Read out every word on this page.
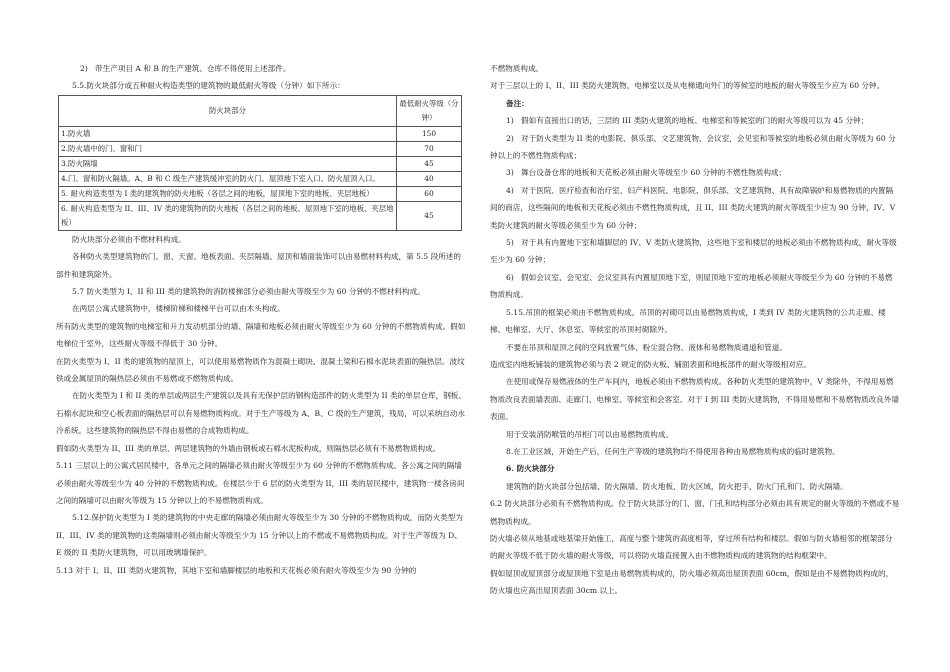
2)   带生产项目 A 和 B 的生产建筑、仓库不得使用上述部件。

5.5.防火块部分或五种耐火构造类型的建筑物的最低耐火等级（分钟）如下所示：

防火块部分	最低耐火等级（分钟）
1.防火墙	150
2.防火墙中的门、窗和门	70
3.防火隔墙	45
4.门、窗和防火隔墙。A、B 和 C 级生产建筑缓冲室的防火门、屋顶地下室入口、防火屋顶入口。	40
5. 耐火构造类型为 I 类的建筑物的防火地板（各层之间的地板，屋顶地下室的地板、夹层地板）	60
6. 耐火构造类型为 II、III、IV 类的建筑物的防火地板（各层之间的地板、屋顶地下室的地板、夹层地板）	45

防火块部分必须由不燃材料构成。

各种防火类型建筑物的门、窗、天窗、地板表面、夹层隔墙、屋顶和墙面装饰可以由易燃材料构成，第 5.5 段所述的部件和建筑除外。

5.7 防火类型为 I、II 和 III 类的建筑物的消防楼梯部分必须由耐火等级至少为 60 分钟的不燃材料构成。

在两层公寓式建筑物中，楼梯阶梯和楼梯平台可以由木头构成。

所有防火类型的建筑物的电梯室和升力发动机部分的墙、隔墙和地板必须由耐火等级至少为 60 分钟的不燃物质构成。假如电梯位于室外，这些耐火等级不得低于 30 分钟。

在防火类型为 I、II 类的建筑物的屋顶上，可以使用易燃物质作为混凝土砌块、混凝土梁和石棉水泥块表面的隔热层。波纹铁或金属屋顶的隔热层必须由不易燃或不燃物质构成。

在防火类型为 I 和 II 类的单层或两层生产建筑以及具有无保护层的钢构造部件的防火类型为 II 类的单层仓库，钢板、石棉水泥块和空心板表面的隔热层可以有易燃物质构成。对于生产等级为 A、B、C 级的生产建筑，残局，可以采纳自动水冷系统。这些建筑物的隔热层不得由易燃的合成物质构成。

假如防火类型为 II、III 类的单层、两层建筑物的外墙由钢板或石棉水泥板构成，则隔热层必须有不易燃物质构成。

5.11 三层以上的公寓式居民楼中，各单元之间的隔墙必须由耐火等级至少为 60 分钟的不燃物质构成。各公寓之间的隔墙必须由耐火等级至少为 40 分钟的不燃物质构成。在楼层少于 6 层的防火类型为 II，III 类的居民楼中，建筑物一楼各房间之间的隔墙可以由耐火等级为 15 分钟以上的不易燃物质构成。

5.12.保护防火类型为 I 类的建筑物的中央走廊的隔墙必须由耐火等级至少为 30 分钟的不燃物质构成，而防火类型为 II、III、IV 类的建筑物的这类隔墙则必须由耐火等级至少为 15 分钟以上的不燃或不易燃物质构成。对于生产等级为 D、E 级的 II 类防火建筑物，可以用玻璃墙保护。

5.13 对于 I、II、III 类防火建筑物，其地下室和墙脚楼层的地板和天花板必须有耐火等级至少为 90 分钟的

不燃物质构成。

对于三层以上的 I、II、III 类防火建筑物，电梯室以及从电梯通向外门的等候室的地板的耐火等级至少应为 60 分钟。

备注：

1)   假如有直接出口的话，三层的 III 类防火建筑的地板、电梯室和等候室的门的耐火等级可以为 45 分钟；

2)   对于防火类型为 II 类的电影院、俱乐部、文艺建筑物、会议室，会见室和等候室的地板必须由耐火等级为 60 分钟以上的不燃性物质构成；

3)   舞台设备仓库的地板和天花板必须由耐火等级至少 60 分钟的不燃性物质构成；

4)   对于医院、医疗检查和治疗室、妇产科医院、电影院、俱乐部、文艺建筑物、具有故障锅炉和易燃物质的内置隔间的商店，这些隔间的地板和天花板必须由不燃性物质构成，且 II、III 类防火建筑的耐火等级至少应为 90 分钟，IV、V 类防火建筑的耐火等级必须至少为 60 分钟；

5)   对于具有内置地下室和墙脚层的 IV、V 类防火建筑物，这些地下室和楼层的地板必须由不燃物质构成，耐火等级至少为 60 分钟；

6)   假如会议室、会见室、会议室具有内置屋顶地下室，则屋顶地下室的地板必须耐火等级至少为 60 分钟的不易燃物质构成。

5.15.吊顶的框架必须由不燃物质构成。吊顶的衬砌可以由易燃物质构成，I 类到 IV 类防火建筑物的公共走廊、楼梯、电梯室、大厅、休息室、等候室的吊顶衬砌除外。

不要在吊顶和屋顶之间的空间放置气体、粉尘混合物、液体和易燃物质通道和管道。

造成室内地板铺装的建筑物必须与表 2 规定的防火板、辅面表面和地板部件的耐火等级相对应。

在使用或保存易燃液体的生产车间内，地板必须由不燃物质构成。各种防火类型的建筑物中，V 类除外，不得用易燃物质改良表面墙表面、走廊门、电梯室、等候室和会客室。对于 I 到 III 类防火建筑物，不得用易燃和不易燃物质改良外墙表面。

用于安装消防喉管的吊柜门可以由易燃物质构成。

8.在工业区域，开始生产后，任何生产等级的建筑物均不得使用各种由易燃物质构成的临时建筑物。

6. 防火块部分

建筑物的防火块部分包括墙、防火隔墙、防火地板、防火区域，防火把手，防火门孔和门、防火隔墙。

6.2 防火块部分必须有不燃物质构成。位于防火块部分的门、窗、门孔和结构部分必须由具有规定的耐火等级的不燃或不易燃物质构成。

防火墙必须从地基或地基梁开始施工，高度与整个建筑的高度相等，穿过所有结构和楼层。假如与防火墙相邻的框架部分的耐火等级不低于防火墙的耐火等级，可以将防火墙直接置入由不燃物质构成的建筑物的结构框架中。

假如屋顶或屋顶部分或屋顶地下室是由易燃物质构成的，防火墙必须高出屋顶表面 60cm，假如是由不易燃物质构成的，防火墙也应高出屋顶表面 30cm 以上。
